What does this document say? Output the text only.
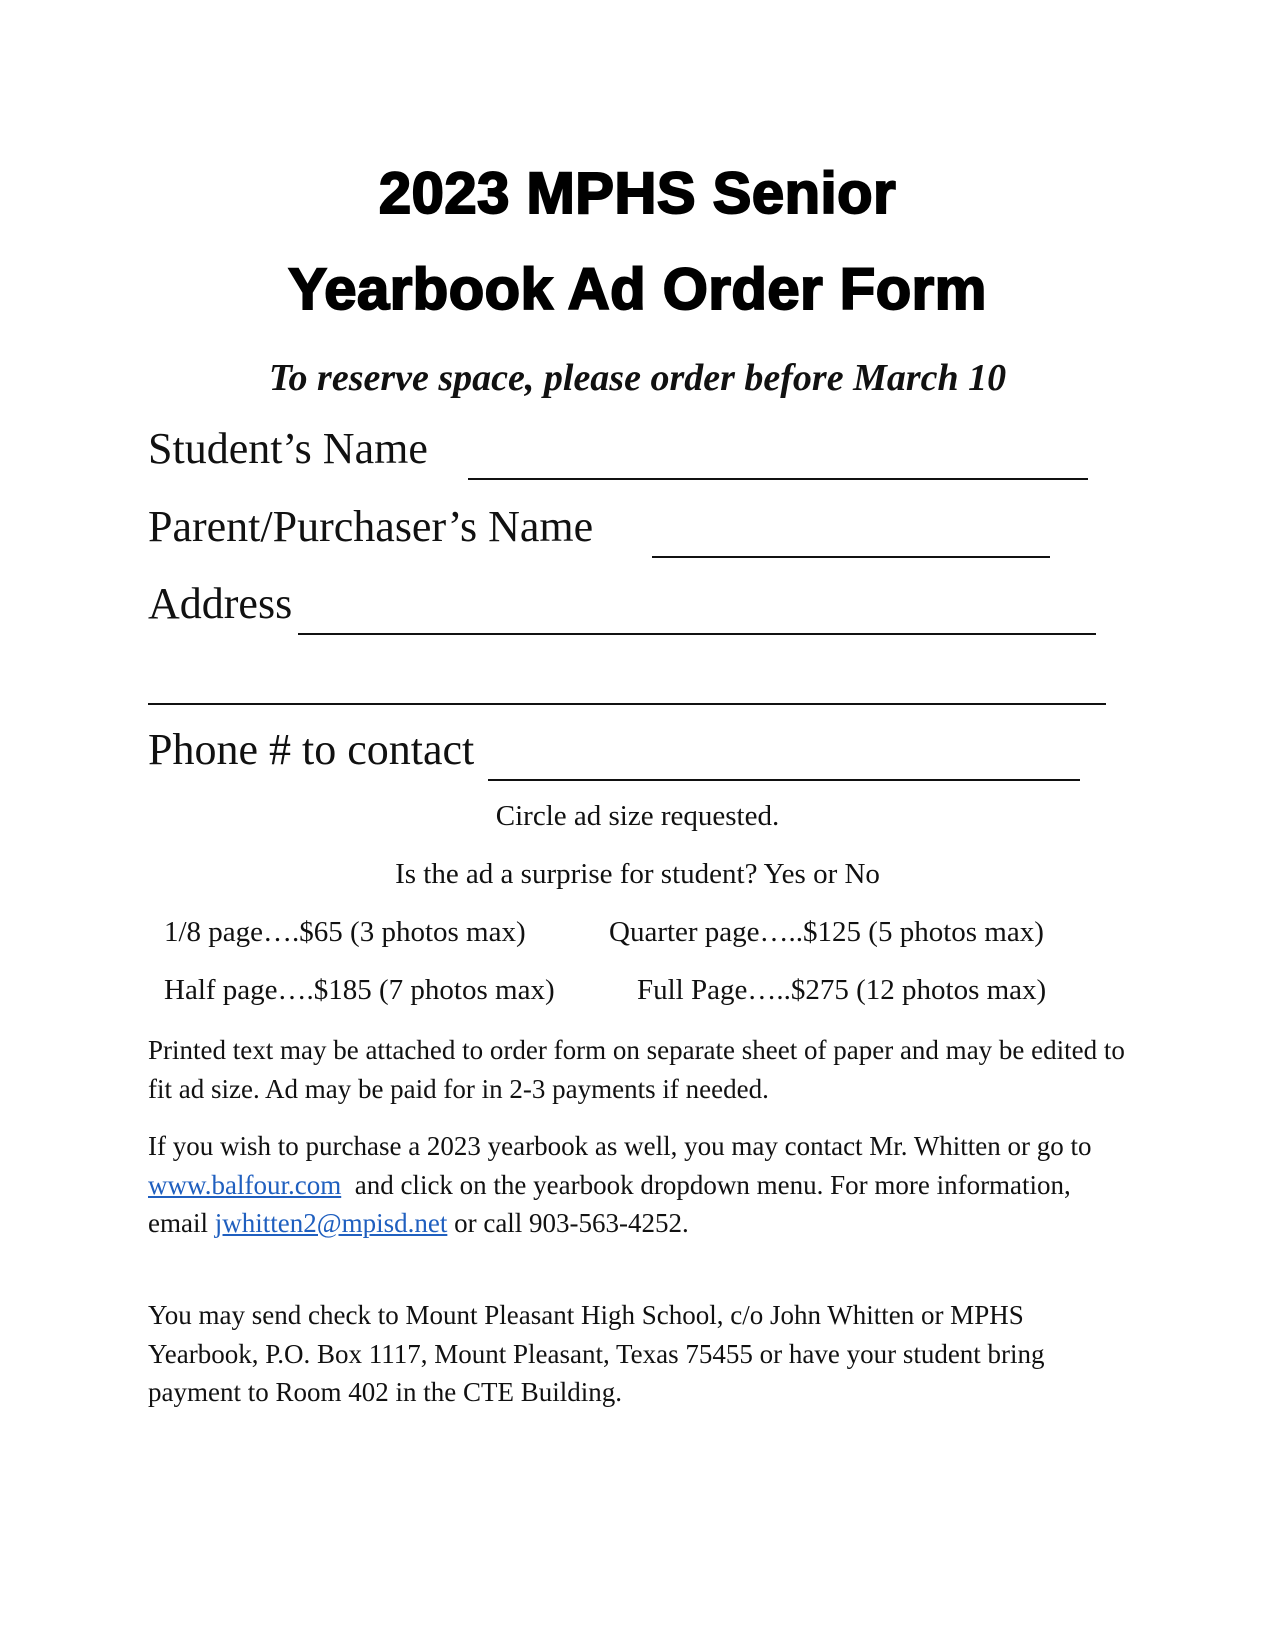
2023 MPHS Senior
Yearbook Ad Order Form
To reserve space, please order before March 10
Student’s Name
Parent/Purchaser’s Name
Address
Phone # to contact
Circle ad size requested.
Is the ad a surprise for student? Yes or No
1/8 page….$65 (3 photos max)	Quarter page…..$125 (5 photos max)
Half page….$185 (7 photos max)	Full Page…..$275 (12 photos max)

Printed text may be attached to order form on separate sheet of paper and may be edited to fit ad size. Ad may be paid for in 2-3 payments if needed.

If you wish to purchase a 2023 yearbook as well, you may contact Mr. Whitten or go to www.balfour.com and click on the yearbook dropdown menu. For more information, email jwhitten2@mpisd.net or call 903-563-4252.

You may send check to Mount Pleasant High School, c/o John Whitten or MPHS Yearbook, P.O. Box 1117, Mount Pleasant, Texas 75455 or have your student bring payment to Room 402 in the CTE Building.
